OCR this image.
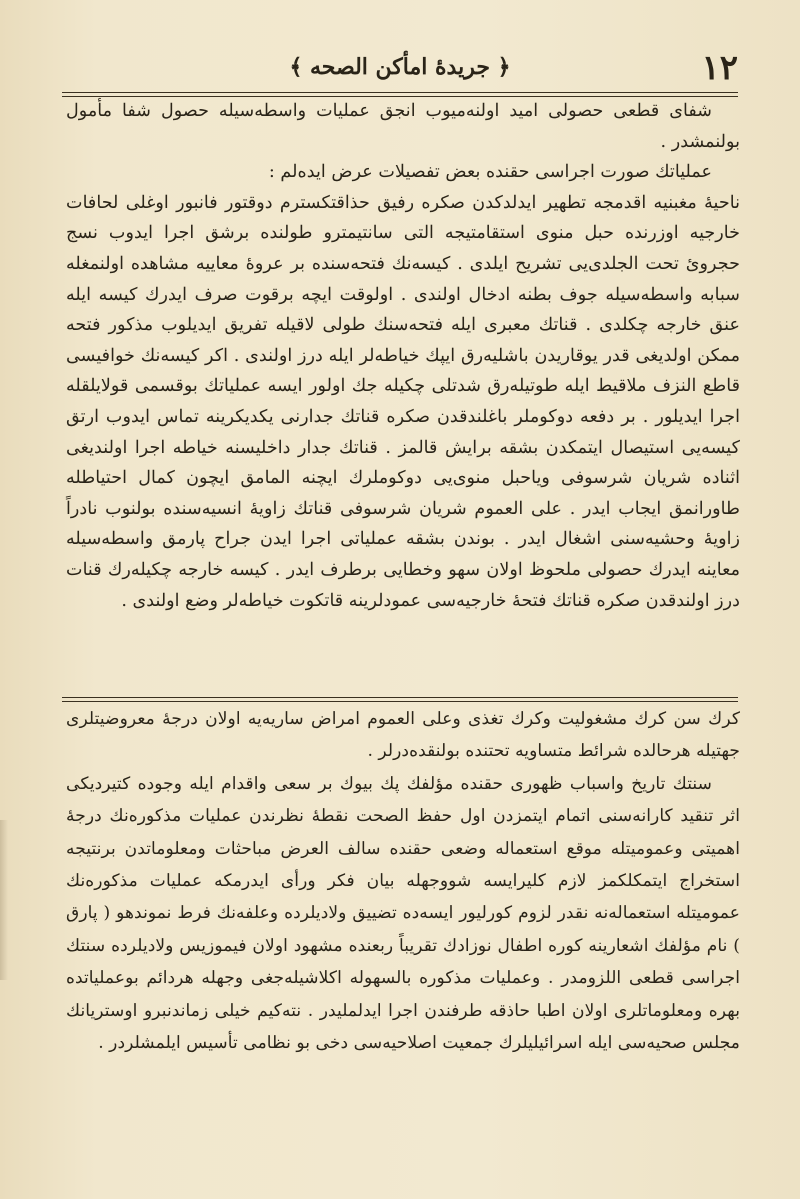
١٢
﴿ جريدهٔ امأكن الصحه ﴾

شفای قطعی حصولی امید اولنه‌میوب انجق عملیات واسطه‌سیله حصول شفا مأمول بولنمشدر .

عملیاتك صورت اجراسی حقنده بعض تفصیلات عرض ایده‌لم :

ناحیهٔ مغبنیه اقدمجه تطهیر ایدلدکدن صکره رفیق حذاقتکسترم دوقتور فانبور اوغلی لحافات خارجیه اوزرنده حبل منوی استقامتیجه التی سانتیمترو طولنده برشق اجرا ایدوب نسج حجروئ تحت الجلدی‌یی تشریح ایلدی . کیسه‌نك فتحه‌سنده بر عروهٔ معاییه مشاهده اولنمغله سبابه واسطه‌سیله جوف بطنه ادخال اولندی . اولوقت ایچه برقوت صرف ایدرك کیسه ایله عنق خارجه چکلدی . قناتك معبری ایله فتحه‌سنك طولی لاقیله تفریق ایدیلوب مذکور فتحه ممکن اولدیغی قدر یوقاریدن باشلیه‌رق ایپك خیاطه‌لر ایله درز اولندی . اکر کیسه‌نك خوافیسی قاطع النزف ملاقیط ایله طوتیله‌رق شدتلی چکیله جك اولور ایسه عملیاتك بوقسمی قولایلقله اجرا ایدیلور . بر دفعه دوکوملر باغلندقدن صکره قناتك جدارنی یکدیکرینه تماس ایدوب ارتق کیسه‌یی استیصال ایتمکدن بشقه برایش قالمز . قناتك جدار داخلیسنه خیاطه اجرا اولندیغی اثناده شریان شرسوفی ویاحبل منوی‌یی دوکوملرك ایچنه المامق ایچون کمال احتیاطله طاورانمق ایجاب ایدر . علی العموم شریان شرسوفی قناتك زاویهٔ انسیه‌سنده بولنوب نادراً زاویهٔ وحشیه‌سنی اشغال ایدر . بوندن بشقه عملیاتی اجرا ایدن جراح پارمق واسطه‌سیله معاینه ایدرك حصولی ملحوظ اولان سهو وخطایی برطرف ایدر . کیسه خارجه چکیله‌رك قنات درز اولندقدن صکره قناتك فتحهٔ خارجیه‌سی عمودلرینه قاتکوت خیاطه‌لر وضع اولندی .

کرك سن کرك مشغولیت وکرك تغذی وعلی العموم امراض ساریه‌یه اولان درجهٔ معروضیتلری جهتیله هرحالده شرائط متساویه تحتنده بولنقده‌درلر .

سنتك تاریخ واسباب ظهوری حقنده مؤلفك پك بیوك بر سعی واقدام ایله وجوده کتیردیکی اثر تنقید کارانه‌سنی اتمام ایتمزدن اول حفظ الصحت نقطهٔ نظرندن عملیات مذکوره‌نك درجهٔ اهمیتی وعمومیتله موقع استعماله وضعی حقنده سالف العرض مباحثات ومعلوماتدن برنتیجه استخراج ایتمکلکمز لازم کلیرایسه شووجهله بیان فکر ورأی ایدرمکه عملیات مذکوره‌نك عمومیتله استعماله‌نه نقدر لزوم کورلیور ایسه‌ده تضییق ولادیلرده وعلفه‌نك فرط نموندهو ( پارق ) نام مؤلفك اشعارینه کوره اطفال نوزادك تقریباً ربعنده مشهود اولان فیموزیس ولادیلرده سنتك اجراسی قطعی اللزومدر . وعملیات مذکوره بالسهوله اکلاشیله‌جغی وجهله هردائم بوعملیاتده بهره ومعلوماتلری اولان اطبا حاذقه طرفندن اجرا ایدلملیدر . نته‌کیم خیلی زماندنبرو اوستریانك مجلس صحیه‌سی ایله اسرائیلیلرك جمعیت اصلاحیه‌سی دخی بو نظامی تأسیس ایلمشلردر .
